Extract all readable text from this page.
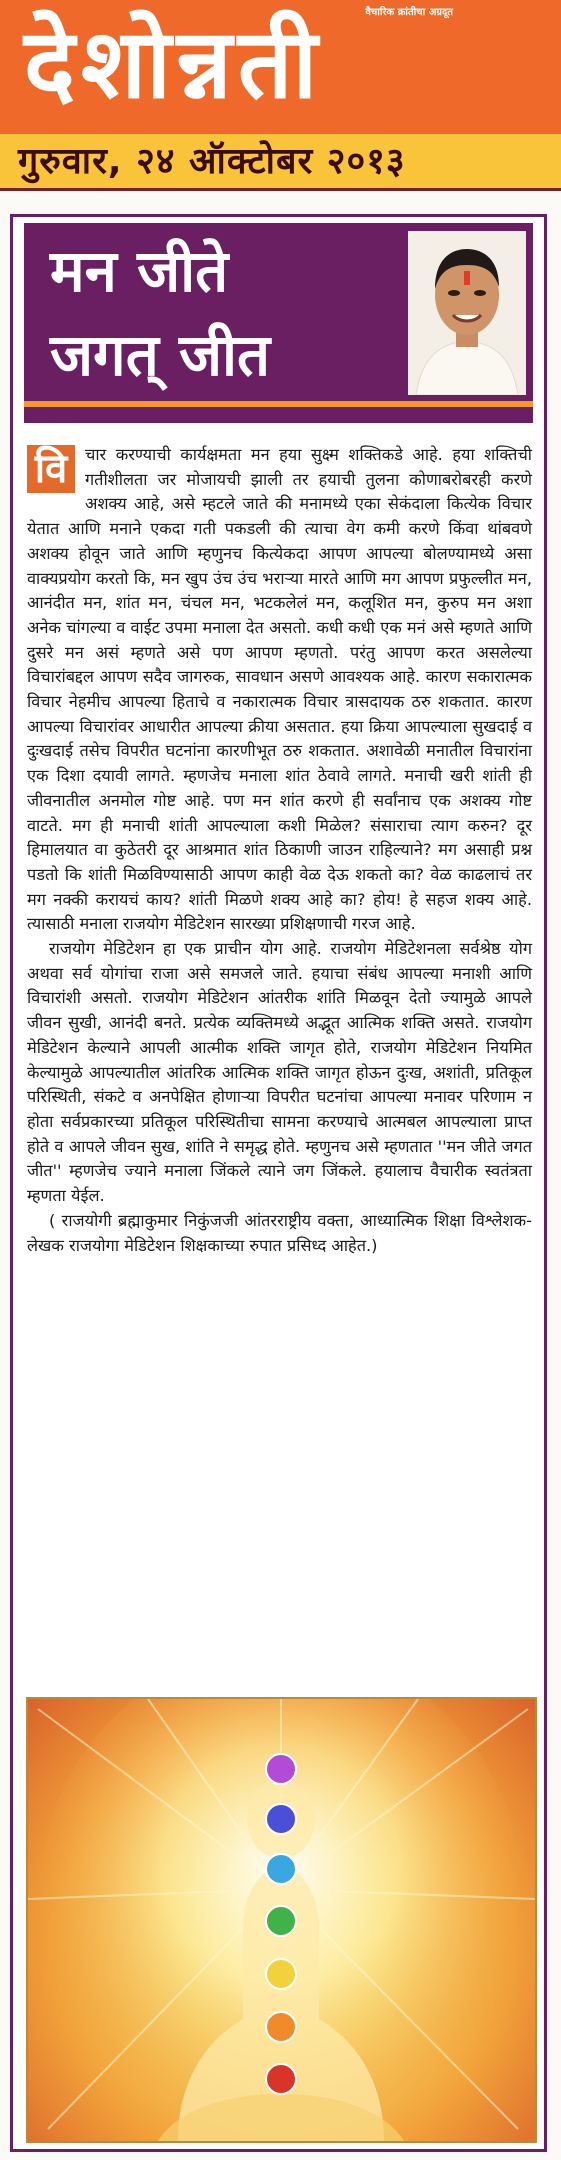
वैचारिक क्रांतीचा अग्रदूत
देशोन्नती
गुरुवार, २४ ऑक्टोबर २०१३
मन जीते
जगत् जीत

वि	चार करण्याची कार्यक्षमता मन हया सुक्ष्म शक्तिकडे आहे. हया शक्तिची गतीशीलता जर मोजायची झाली तर हयाची तुलना कोणाबरोबरही करणे अशक्य आहे, असे म्हटले जाते की मनामध्ये एका सेकंदाला कित्येक विचार येतात आणि मनाने एकदा गती पकडली की त्याचा वेग कमी करणे किंवा थांबवणे अशक्य होवून जाते आणि म्हणुनच कित्येकदा आपण आपल्या बोलण्यामध्ये असा वाक्यप्रयोग करतो कि, मन खुप उंच उंच भराऱ्या मारते आणि मग आपण प्रफुल्लीत मन, आनंदीत मन, शांत मन, चंचल मन, भटकलेलं मन, कलूशित मन, कुरुप मन अशा अनेक चांगल्या व वाईट उपमा मनाला देत असतो. कधी कधी एक मनं असे म्हणते आणि दुसरे मन असं म्हणते असे पण आपण म्हणतो. परंतु आपण करत असलेल्या विचारांबद्दल आपण सदैव जागरुक, सावधान असणे आवश्यक आहे. कारण सकारात्मक विचार नेहमीच आपल्या हिताचे व नकारात्मक विचार त्रासदायक ठरु शकतात. कारण आपल्या विचारांवर आधारीत आपल्या क्रीया असतात. हया क्रिया आपल्याला सुखदाई व दुःखदाई तसेच विपरीत घटनांना कारणीभूत ठरु शकतात. अशावेळी मनातील विचारांना एक दिशा दयावी लागते. म्हणजेच मनाला शांत ठेवावे लागते. मनाची खरी शांती ही जीवनातील अनमोल गोष्ट आहे. पण मन शांत करणे ही सर्वांनाच एक अशक्य गोष्ट वाटते. मग ही मनाची शांती आपल्याला कशी मिळेल? संसाराचा त्याग करुन? दूर हिमालयात वा कुठेतरी दूर आश्रमात शांत ठिकाणी जाउन राहिल्याने? मग असाही प्रश्न पडतो कि शांती मिळविण्यासाठी आपण काही वेळ देऊ शकतो का? वेळ काढलाचं तर मग नक्की करायचं काय? शांती मिळणे शक्य आहे का? होय! हे सहज शक्य आहे. त्यासाठी मनाला राजयोग मेडिटेशन सारख्या प्रशिक्षणाची गरज आहे.

राजयोग मेडिटेशन हा एक प्राचीन योग आहे. राजयोग मेडिटेशनला सर्वश्रेष्ठ योग अथवा सर्व योगांचा राजा असे समजले जाते. हयाचा संबंध आपल्या मनाशी आणि विचारांशी असतो. राजयोग मेडिटेशन आंतरीक शांति मिळवून देतो ज्यामुळे आपले जीवन सुखी, आनंदी बनते. प्रत्येक व्यक्तिमध्ये अद्भूत आत्मिक शक्ति असते. राजयोग मेडिटेशन केल्याने आपली आत्मीक शक्ति जागृत होते, राजयोग मेडिटेशन नियमित केल्यामुळे आपल्यातील आंतरिक आत्मिक शक्ति जागृत होऊन दुःख, अशांती, प्रतिकूल परिस्थिती, संकटे व अनपेक्षित होणाऱ्या विपरीत घटनांचा आपल्या मनावर परिणाम न होता सर्वप्रकारच्या प्रतिकूल परिस्थितीचा सामना करण्याचे आत्मबल आपल्याला प्राप्त होते व आपले जीवन सुख, शांति ने समृद्ध होते. म्हणुनच असे म्हणतात ''मन जीते जगत जीत'' म्हणजेच ज्याने मनाला जिंकले त्याने जग जिंकले. हयालाच वैचारीक स्वतंत्रता म्हणता येईल.

( राजयोगी ब्रह्माकुमार निकुंजजी आंतरराष्ट्रीय वक्ता, आध्यात्मिक शिक्षा विश्लेशक-लेखक राजयोगा मेडिटेशन शिक्षकाच्या रुपात प्रसिध्द आहेत.)
